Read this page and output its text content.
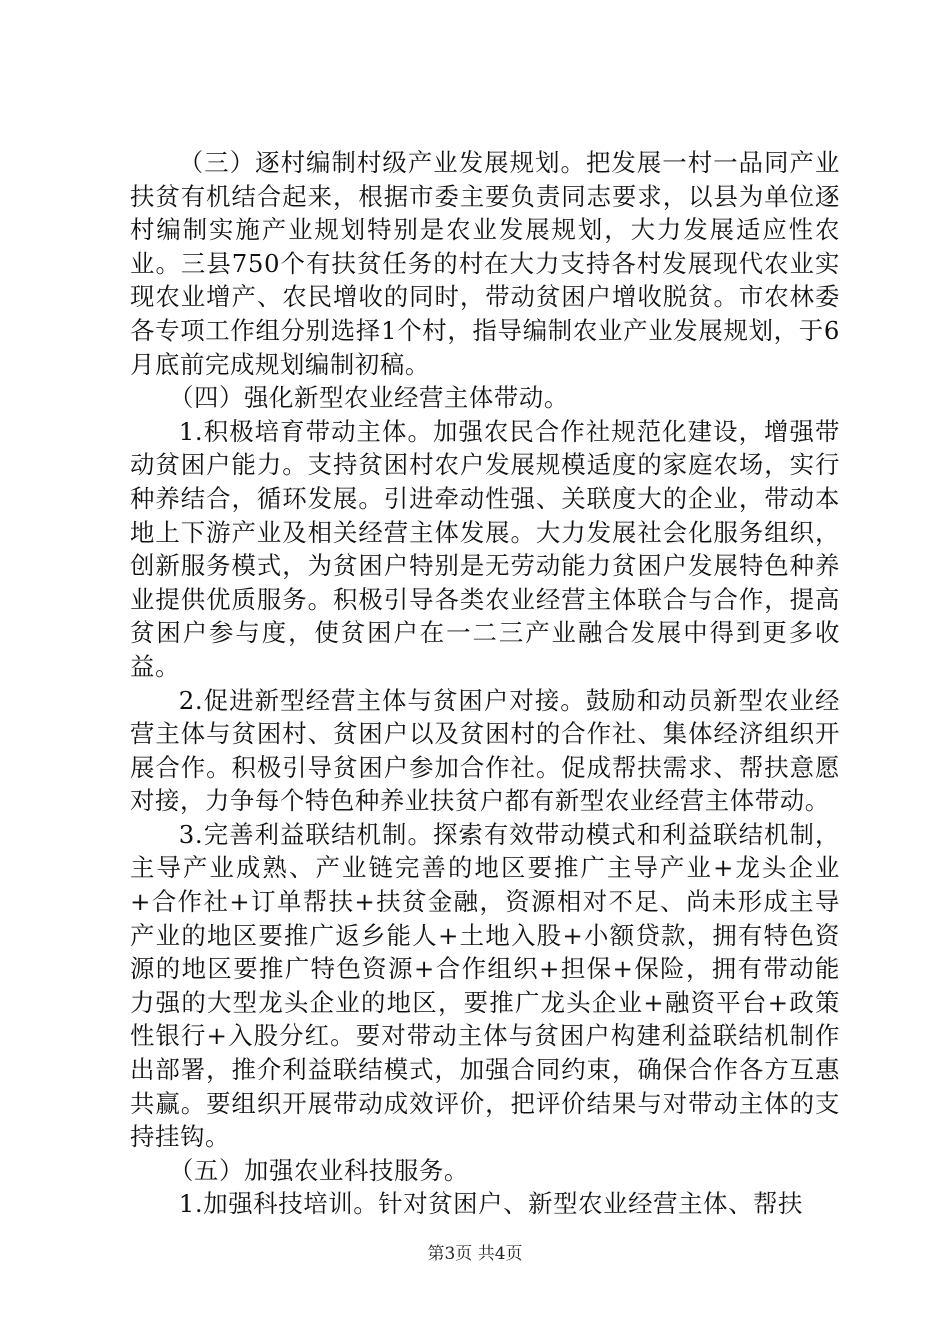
（三）逐村编制村级产业发展规划。把发展一村一品同产业扶贫有机结合起来，根据市委主要负责同志要求，以县为单位逐村编制实施产业规划特别是农业发展规划，大力发展适应性农业。三县750个有扶贫任务的村在大力支持各村发展现代农业实现农业增产、农民增收的同时，带动贫困户增收脱贫。市农林委各专项工作组分别选择1个村，指导编制农业产业发展规划，于6月底前完成规划编制初稿。

（四）强化新型农业经营主体带动。

1.积极培育带动主体。加强农民合作社规范化建设，增强带动贫困户能力。支持贫困村农户发展规模适度的家庭农场，实行种养结合，循环发展。引进牵动性强、关联度大的企业，带动本地上下游产业及相关经营主体发展。大力发展社会化服务组织，创新服务模式，为贫困户特别是无劳动能力贫困户发展特色种养业提供优质服务。积极引导各类农业经营主体联合与合作，提高贫困户参与度，使贫困户在一二三产业融合发展中得到更多收益。

2.促进新型经营主体与贫困户对接。鼓励和动员新型农业经营主体与贫困村、贫困户以及贫困村的合作社、集体经济组织开展合作。积极引导贫困户参加合作社。促成帮扶需求、帮扶意愿对接，力争每个特色种养业扶贫户都有新型农业经营主体带动。

3.完善利益联结机制。探索有效带动模式和利益联结机制，主导产业成熟、产业链完善的地区要推广主导产业+龙头企业+合作社+订单帮扶+扶贫金融，资源相对不足、尚未形成主导产业的地区要推广返乡能人+土地入股+小额贷款，拥有特色资源的地区要推广特色资源+合作组织+担保+保险，拥有带动能力强的大型龙头企业的地区，要推广龙头企业+融资平台+政策性银行+入股分红。要对带动主体与贫困户构建利益联结机制作出部署，推介利益联结模式，加强合同约束，确保合作各方互惠共赢。要组织开展带动成效评价，把评价结果与对带动主体的支持挂钩。

（五）加强农业科技服务。

1.加强科技培训。针对贫困户、新型农业经营主体、帮扶

第3页 共4页
